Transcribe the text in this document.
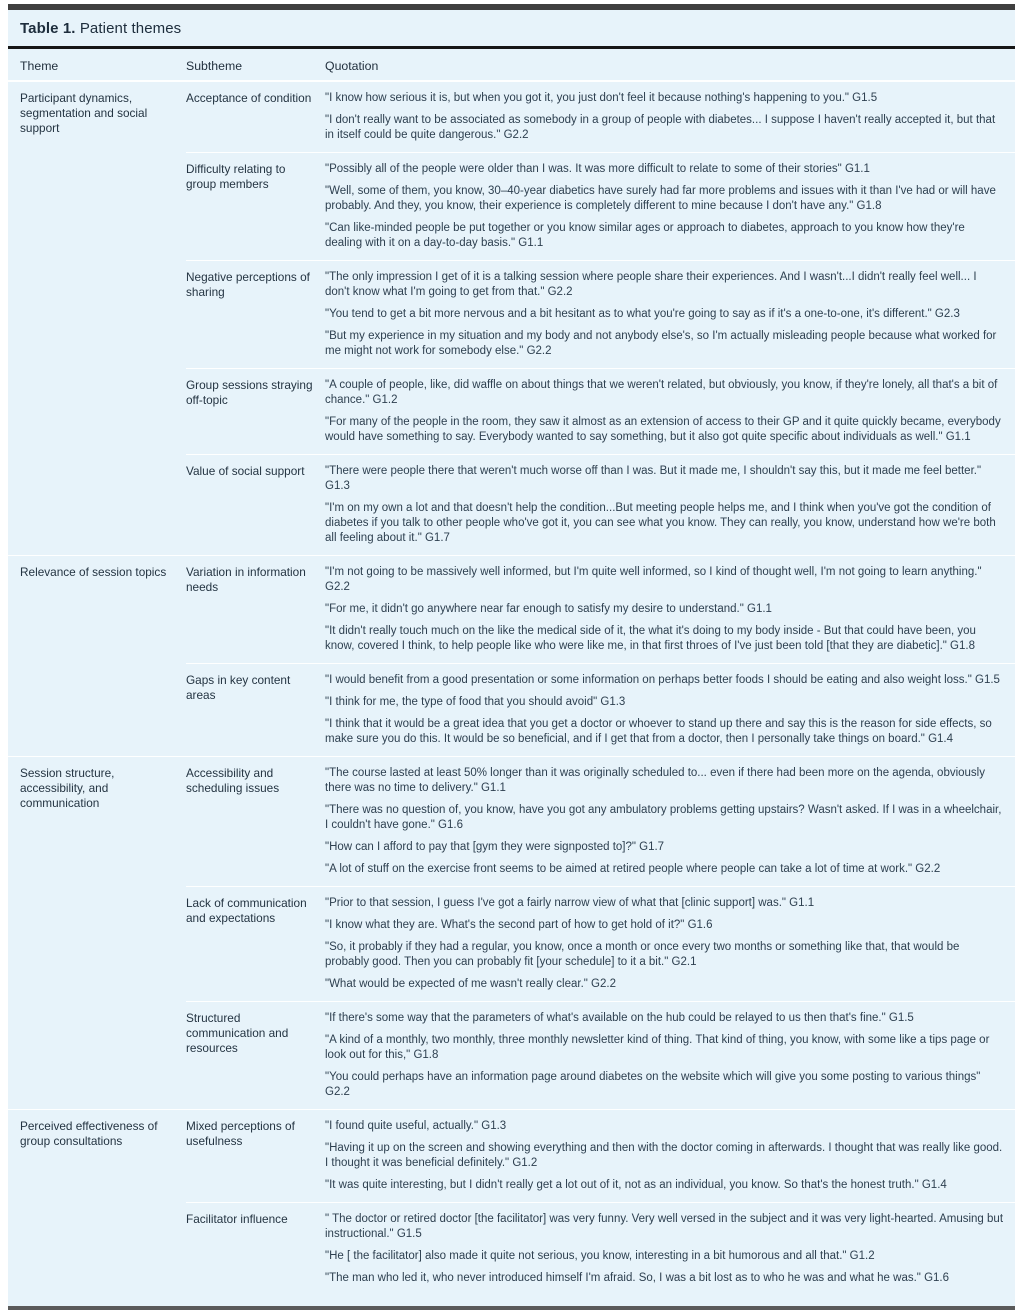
Table 1. Patient themes
Theme	Subtheme	Quotation
Participant dynamics, segmentation and social support	Acceptance of condition	"I know how serious it is, but when you got it, you just don't feel it because nothing's happening to you." G1.5

"I don't really want to be associated as somebody in a group of people with diabetes... I suppose I haven't really accepted it, but that in itself could be quite dangerous." G2.2

	Difficulty relating to group members	"Possibly all of the people were older than I was. It was more difficult to relate to some of their stories" G1.1

"Well, some of them, you know, 30–40-year diabetics have surely had far more problems and issues with it than I've had or will have probably. And they, you know, their experience is completely different to mine because I don't have any." G1.8

"Can like-minded people be put together or you know similar ages or approach to diabetes, approach to you know how they're dealing with it on a day-to-day basis." G1.1

	Negative perceptions of sharing	"The only impression I get of it is a talking session where people share their experiences. And I wasn't...I didn't really feel well... I don't know what I'm going to get from that." G2.2

"You tend to get a bit more nervous and a bit hesitant as to what you're going to say as if it's a one-to-one, it's different." G2.3

"But my experience in my situation and my body and not anybody else's, so I'm actually misleading people because what worked for me might not work for somebody else." G2.2

	Group sessions straying off-topic	"A couple of people, like, did waffle on about things that we weren't related, but obviously, you know, if they're lonely, all that's a bit of chance." G1.2

"For many of the people in the room, they saw it almost as an extension of access to their GP and it quite quickly became, everybody would have something to say. Everybody wanted to say something, but it also got quite specific about individuals as well." G1.1

	Value of social support	"There were people there that weren't much worse off than I was. But it made me, I shouldn't say this, but it made me feel better." G1.3

"I'm on my own a lot and that doesn't help the condition...But meeting people helps me, and I think when you've got the condition of diabetes if you talk to other people who've got it, you can see what you know. They can really, you know, understand how we're both all feeling about it." G1.7

Relevance of session topics	Variation in information needs	"I'm not going to be massively well informed, but I'm quite well informed, so I kind of thought well, I'm not going to learn anything." G2.2

"For me, it didn't go anywhere near far enough to satisfy my desire to understand." G1.1

"It didn't really touch much on the like the medical side of it, the what it's doing to my body inside - But that could have been, you know, covered I think, to help people like who were like me, in that first throes of I've just been told [that they are diabetic]." G1.8

	Gaps in key content areas	"I would benefit from a good presentation or some information on perhaps better foods I should be eating and also weight loss." G1.5

"I think for me, the type of food that you should avoid" G1.3

"I think that it would be a great idea that you get a doctor or whoever to stand up there and say this is the reason for side effects, so make sure you do this. It would be so beneficial, and if I get that from a doctor, then I personally take things on board." G1.4

Session structure, accessibility, and communication	Accessibility and scheduling issues	"The course lasted at least 50% longer than it was originally scheduled to... even if there had been more on the agenda, obviously there was no time to delivery." G1.1

"There was no question of, you know, have you got any ambulatory problems getting upstairs? Wasn't asked. If I was in a wheelchair, I couldn't have gone." G1.6

"How can I afford to pay that [gym they were signposted to]?" G1.7

"A lot of stuff on the exercise front seems to be aimed at retired people where people can take a lot of time at work." G2.2

	Lack of communication and expectations	"Prior to that session, I guess I've got a fairly narrow view of what that [clinic support] was." G1.1

"I know what they are. What's the second part of how to get hold of it?" G1.6

"So, it probably if they had a regular, you know, once a month or once every two months or something like that, that would be probably good. Then you can probably fit [your schedule] to it a bit." G2.1

"What would be expected of me wasn't really clear." G2.2

	Structured communication and resources	"If there's some way that the parameters of what's available on the hub could be relayed to us then that's fine." G1.5

"A kind of a monthly, two monthly, three monthly newsletter kind of thing. That kind of thing, you know, with some like a tips page or look out for this," G1.8

"You could perhaps have an information page around diabetes on the website which will give you some posting to various things" G2.2

Perceived effectiveness of group consultations	Mixed perceptions of usefulness	"I found quite useful, actually." G1.3

"Having it up on the screen and showing everything and then with the doctor coming in afterwards. I thought that was really like good. I thought it was beneficial definitely." G1.2

"It was quite interesting, but I didn't really get a lot out of it, not as an individual, you know. So that's the honest truth." G1.4

	Facilitator influence	" The doctor or retired doctor [the facilitator] was very funny. Very well versed in the subject and it was very light-hearted. Amusing but instructional." G1.5

"He [ the facilitator] also made it quite not serious, you know, interesting in a bit humorous and all that." G1.2

"The man who led it, who never introduced himself I'm afraid. So, I was a bit lost as to who he was and what he was." G1.6
